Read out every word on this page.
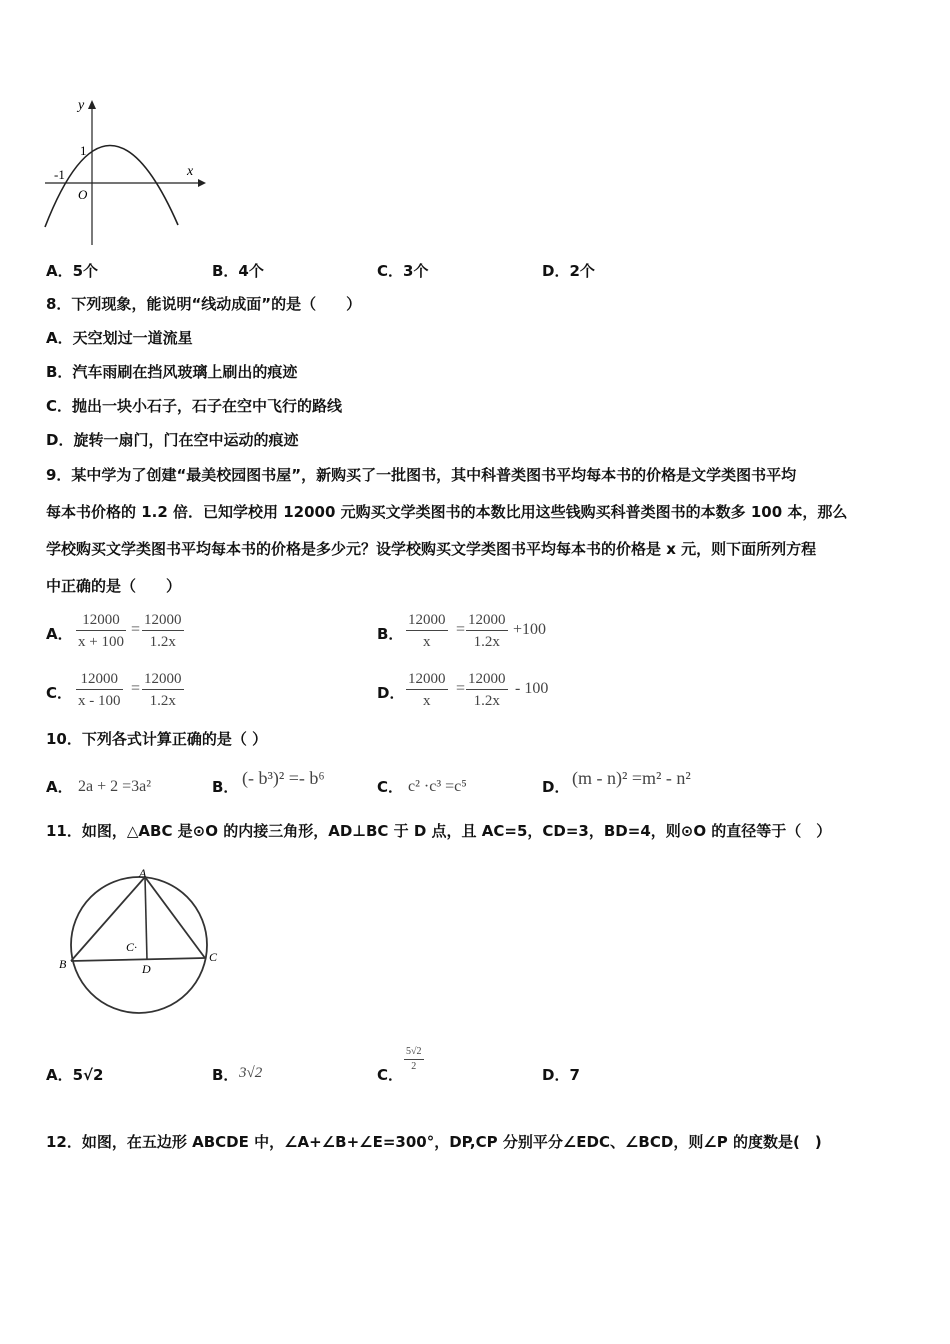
y
x
1
-1
O
A．5个	B．4个	C．3个	D．2个
8．下列现象，能说明“线动成面”的是（　　）
A．天空划过一道流星
B．汽车雨刷在挡风玻璃上刷出的痕迹
C．抛出一块小石子，石子在空中飞行的路线
D．旋转一扇门，门在空中运动的痕迹
9．某中学为了创建“最美校园图书屋”，新购买了一批图书，其中科普类图书平均每本书的价格是文学类图书平均
每本书价格的 1.2 倍．已知学校用 12000 元购买文学类图书的本数比用这些钱购买科普类图书的本数多 100 本，那么
学校购买文学类图书平均每本书的价格是多少元？设学校购买文学类图书平均每本书的价格是 x 元，则下面所列方程
中正确的是（　　）
A． $\frac{12000}{x + 100} = \frac{12000}{1.2x}$	B． $\frac{12000}{x} = \frac{12000}{1.2x} +100$
C． $\frac{12000}{x - 100} = \frac{12000}{1.2x}$	D． $\frac{12000}{x} = \frac{12000}{1.2x} - 100$
10．下列各式计算正确的是（ ）
A． 2a + 2 =3a²	B． (- b³)² =- b⁶	C． c² ·c³ =c⁵	D． (m - n)² =m² - n²
11．如图，△ABC 是⊙O 的内接三角形，AD⊥BC 于 D 点，且 AC=5，CD=3，BD=4，则⊙O 的直径等于（　）
A
B	C
D
C·
A．5√2	B． 3√2	C．
$\frac{5√2}{2}$
D．7
12．如图，在五边形 ABCDE 中，∠A+∠B+∠E=300°，DP,CP 分别平分∠EDC、∠BCD，则∠P 的度数是(　)
